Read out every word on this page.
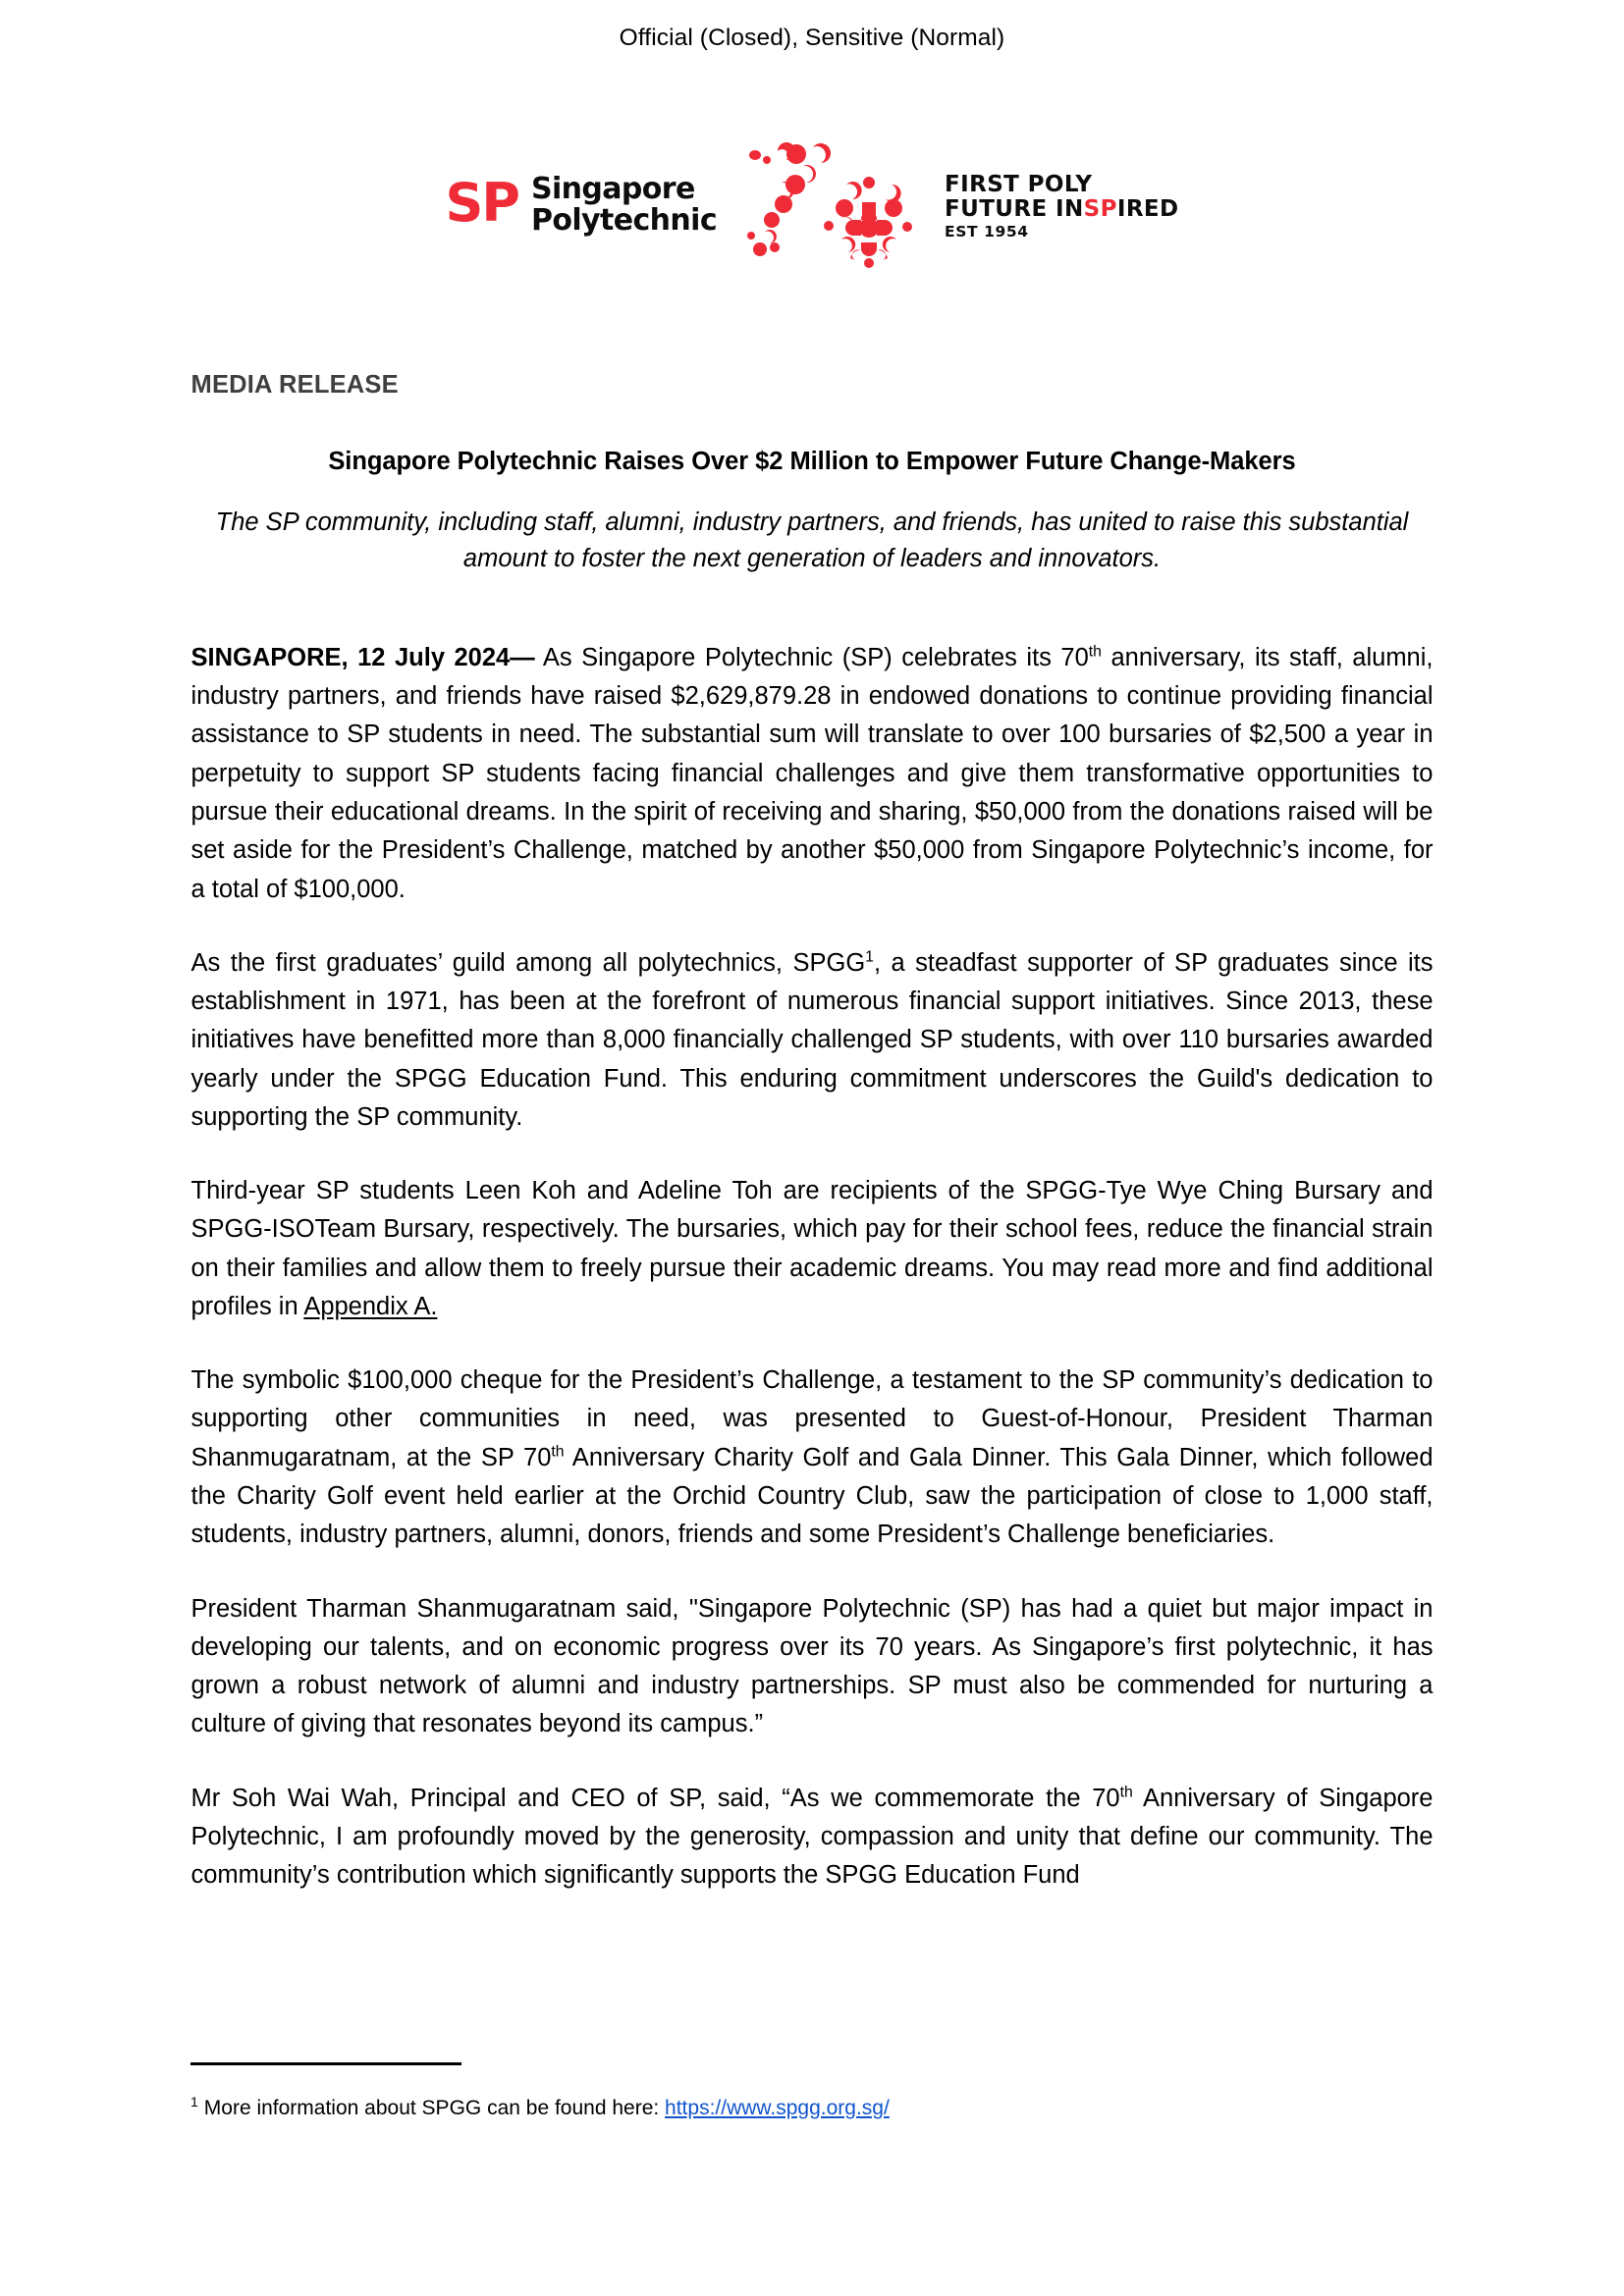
Official (Closed), Sensitive (Normal)
SP Singapore
Polytechnic
FIRST POLY
FUTURE INSPIRED
EST 1954
MEDIA RELEASE
Singapore Polytechnic Raises Over $2 Million to Empower Future Change-Makers
The SP community, including staff, alumni, industry partners, and friends, has united to raise this substantial amount to foster the next generation of leaders and innovators.

SINGAPORE, 12 July 2024— As Singapore Polytechnic (SP) celebrates its 70th anniversary, its staff, alumni, industry partners, and friends have raised $2,629,879.28 in endowed donations to continue providing financial assistance to SP students in need. The substantial sum will translate to over 100 bursaries of $2,500 a year in perpetuity to support SP students facing financial challenges and give them transformative opportunities to pursue their educational dreams. In the spirit of receiving and sharing, $50,000 from the donations raised will be set aside for the President’s Challenge, matched by another $50,000 from Singapore Polytechnic’s income, for a total of $100,000.

As the first graduates’ guild among all polytechnics, SPGG$^1$, a steadfast supporter of SP graduates since its establishment in 1971, has been at the forefront of numerous financial support initiatives. Since 2013, these initiatives have benefitted more than 8,000 financially challenged SP students, with over 110 bursaries awarded yearly under the SPGG Education Fund. This enduring commitment underscores the Guild's dedication to supporting the SP community.

Third-year SP students Leen Koh and Adeline Toh are recipients of the SPGG-Tye Wye Ching Bursary and SPGG-ISOTeam Bursary, respectively. The bursaries, which pay for their school fees, reduce the financial strain on their families and allow them to freely pursue their academic dreams. You may read more and find additional profiles in Appendix A.

The symbolic $100,000 cheque for the President’s Challenge, a testament to the SP community’s dedication to supporting other communities in need, was presented to Guest-of-Honour, President Tharman Shanmugaratnam, at the SP 70th Anniversary Charity Golf and Gala Dinner. This Gala Dinner, which followed the Charity Golf event held earlier at the Orchid Country Club, saw the participation of close to 1,000 staff, students, industry partners, alumni, donors, friends and some President’s Challenge beneficiaries.

President Tharman Shanmugaratnam said, "Singapore Polytechnic (SP) has had a quiet but major impact in developing our talents, and on economic progress over its 70 years. As Singapore’s first polytechnic, it has grown a robust network of alumni and industry partnerships. SP must also be commended for nurturing a culture of giving that resonates beyond its campus.”

Mr Soh Wai Wah, Principal and CEO of SP, said, “As we commemorate the 70th Anniversary of Singapore Polytechnic, I am profoundly moved by the generosity, compassion and unity that define our community. The community’s contribution which significantly supports the SPGG Education Fund

$^1$ More information about SPGG can be found here: https://www.spgg.org.sg/
